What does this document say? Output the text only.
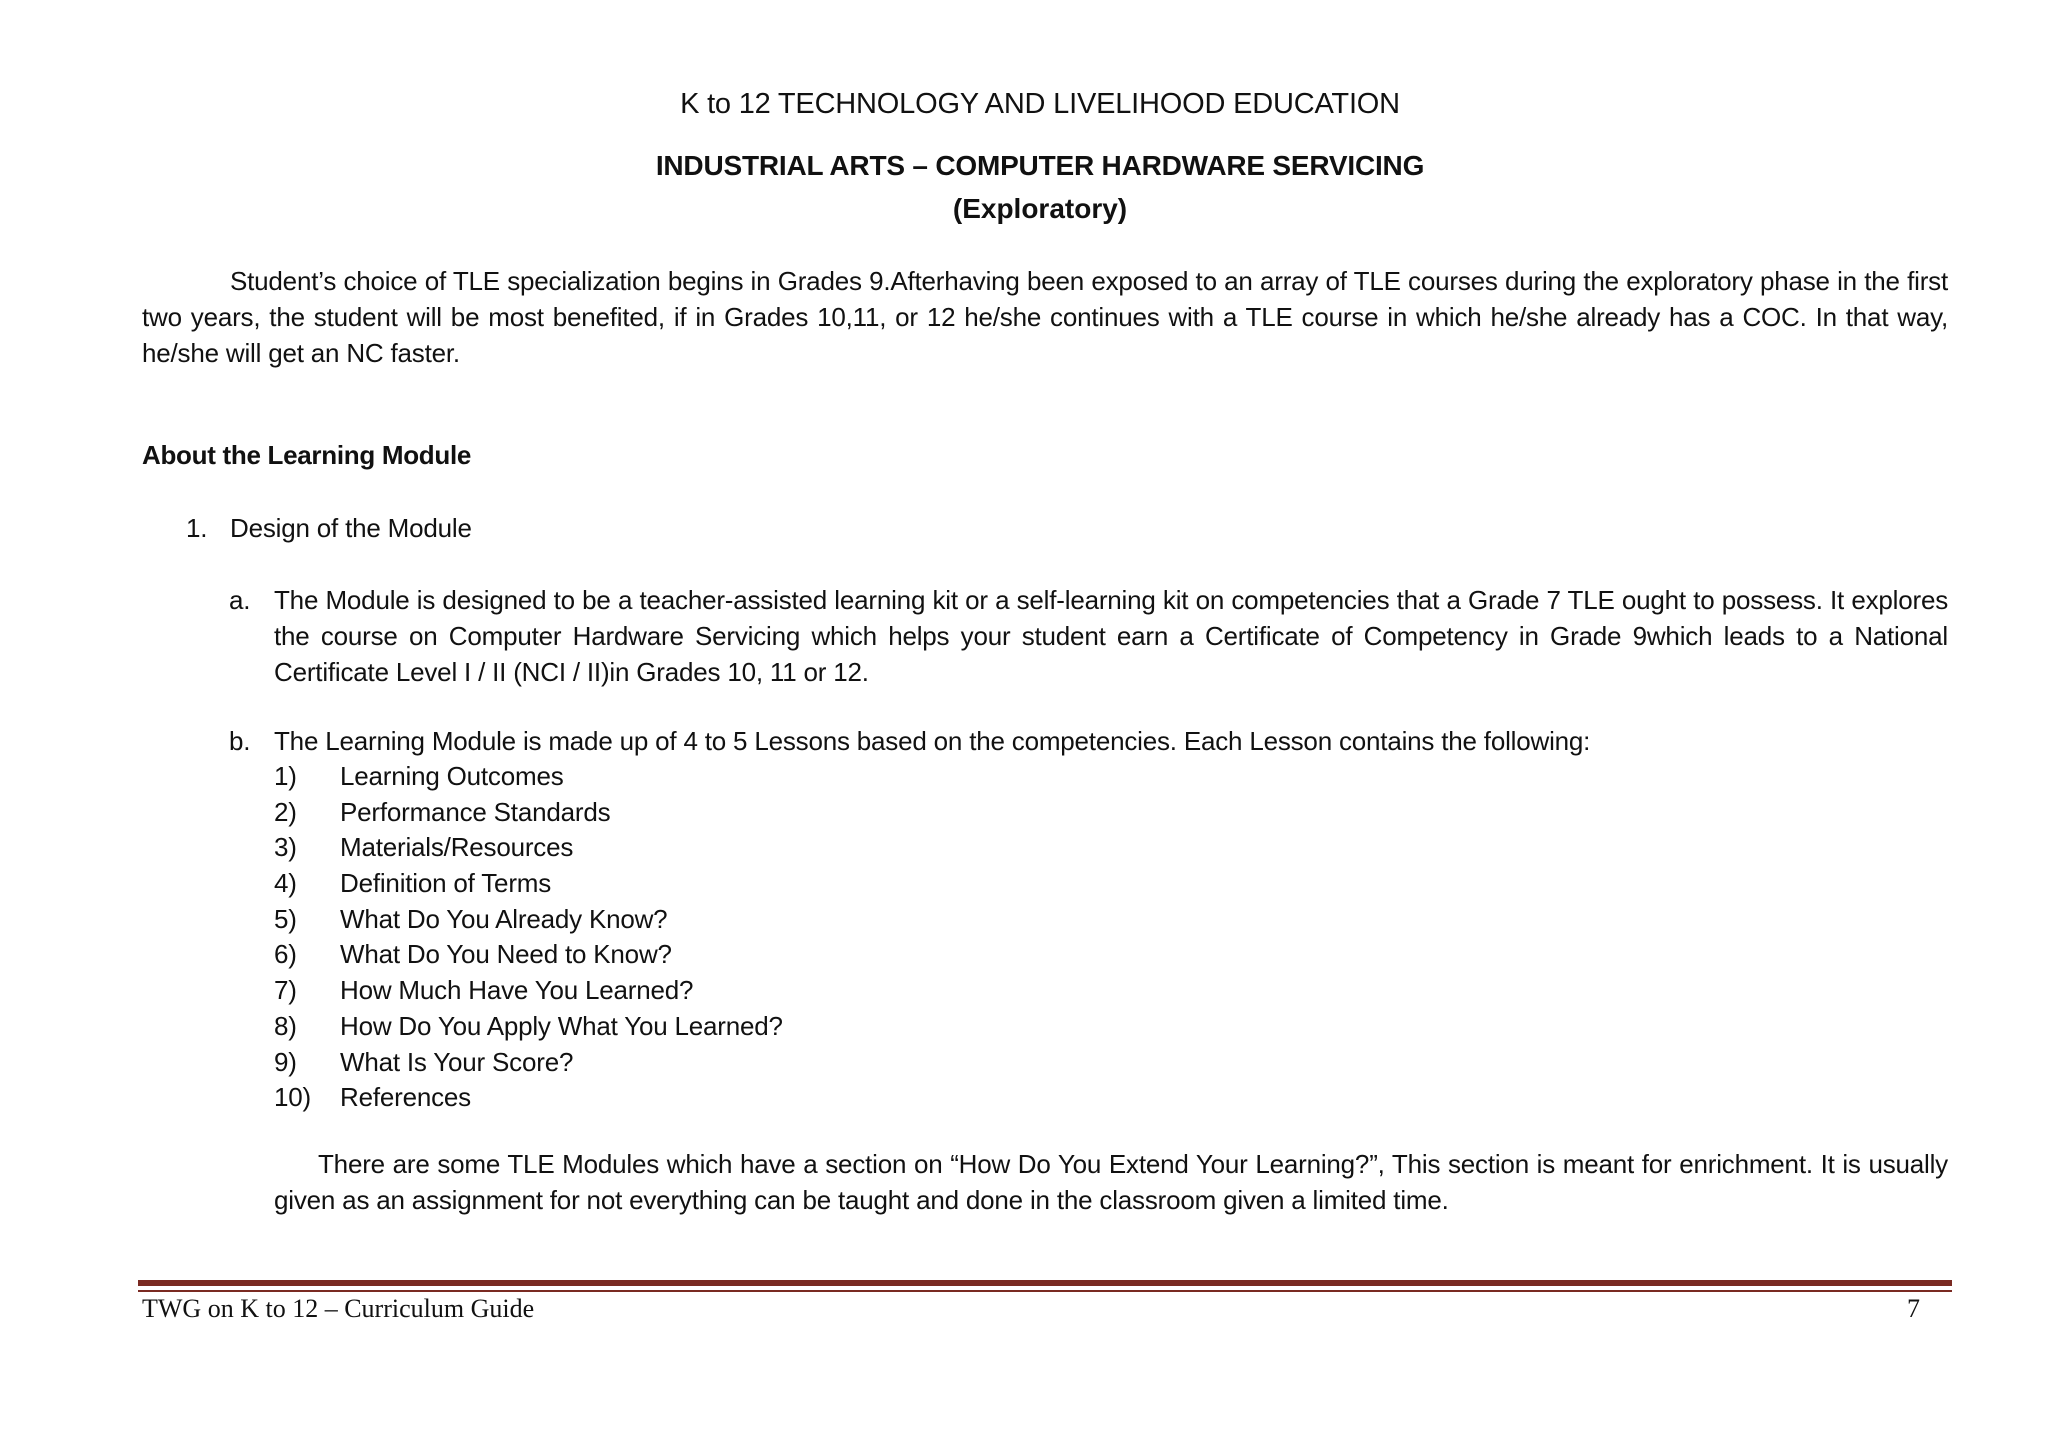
K to 12 TECHNOLOGY AND LIVELIHOOD EDUCATION
INDUSTRIAL ARTS – COMPUTER HARDWARE SERVICING
(Exploratory)
Student’s choice of TLE specialization begins in Grades 9.Afterhaving been exposed to an array of TLE courses during the exploratory phase in the first two years, the student will be most benefited, if in Grades 10,11, or 12 he/she continues with a TLE course in which he/she already has a COC. In that way, he/she will get an NC faster.
About the Learning Module
1. Design of the Module
a. The Module is designed to be a teacher-assisted learning kit or a self-learning kit on competencies that a Grade 7 TLE ought to possess. It explores the course on Computer Hardware Servicing which helps your student earn a Certificate of Competency in Grade 9which leads to a National Certificate Level I / II (NCI / II)in Grades 10, 11 or 12.
b. The Learning Module is made up of 4 to 5 Lessons based on the competencies. Each Lesson contains the following:
1) Learning Outcomes
2) Performance Standards
3) Materials/Resources
4) Definition of Terms
5) What Do You Already Know?
6) What Do You Need to Know?
7) How Much Have You Learned?
8) How Do You Apply What You Learned?
9) What Is Your Score?
10) References
There are some TLE Modules which have a section on “How Do You Extend Your Learning?”, This section is meant for enrichment. It is usually given as an assignment for not everything can be taught and done in the classroom given a limited time.
TWG on K to 12 – Curriculum Guide	7
